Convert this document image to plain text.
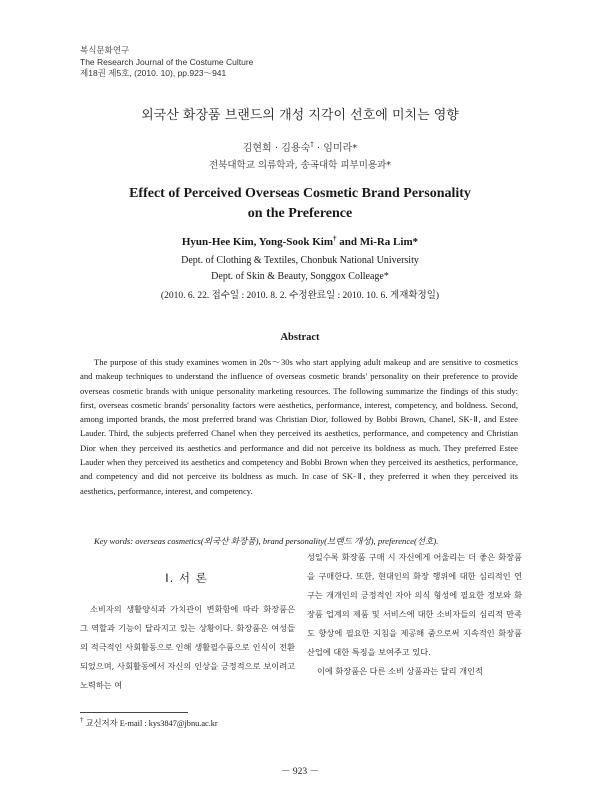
복식문화연구
The Research Journal of the Costume Culture
제18권 제5호, (2010. 10), pp.923～941
외국산 화장품 브랜드의 개성 지각이 선호에 미치는 영향
김현희 · 김용숙† · 임미라*
전북대학교 의류학과, 송곡대학 피부미용과*
Effect of Perceived Overseas Cosmetic Brand Personality
on the Preference
Hyun-Hee Kim, Yong-Sook Kim† and Mi-Ra Lim*
Dept. of Clothing & Textiles, Chonbuk National University
Dept. of Skin & Beauty, Songgox Colleage*
(2010. 6. 22. 접수일 : 2010. 8. 2. 수정완료일 : 2010. 10. 6. 게재확정일)
Abstract
The purpose of this study examines women in 20s～30s who start applying adult makeup and are sensitive to cosmetics and makeup techniques to understand the influence of overseas cosmetic brands' personality on their preference to provide overseas cosmetic brands with unique personality marketing resources. The following summarize the findings of this study: first, overseas cosmetic brands' personality factors were aesthetics, performance, interest, competency, and boldness. Second, among imported brands, the most preferred brand was Christian Dior, followed by Bobbi Brown, Chanel, SK-Ⅱ, and Estee Lauder. Third, the subjects preferred Chanel when they perceived its aesthetics, performance, and competency and Christian Dior when they perceived its aesthetics and performance and did not perceive its boldness as much. They preferred Estee Lauder when they perceived its aesthetics and competency and Bobbi Brown when they perceived its aesthetics, performance, and competency and did not perceive its boldness as much. In case of SK-Ⅱ, they preferred it when they perceived its aesthetics, performance, interest, and competency.
Key words: overseas cosmetics(외국산 화장품), brand personality(브랜드 개성), preference(선호).
Ⅰ. 서 론
소비자의 생활양식과 가치관이 변화함에 따라 화장품은 그 역할과 기능이 달라지고 있는 상황이다. 화장품은 여성들의 적극적인 사회활동으로 인해 생활필수품으로 인식이 전환되었으며, 사회활동에서 자신의 인상을 긍정적으로 보이려고 노력하는 여

성일수록 화장품 구매 시 자신에게 어울리는 더 좋은 화장품을 구매한다. 또한, 현대인의 화장 행위에 대한 심리적인 연구는 개개인의 긍정적인 자아 의식 형성에 필요한 정보와 화장품 업계의 제품 및 서비스에 대한 소비자들의 심리적 만족도 향상에 필요한 지침을 제공해 줌으로써 지속적인 화장품 산업에 대한 특징을 보여주고 있다.

이에 화장품은 다른 소비 상품과는 달리 개인적

† 교신저자 E-mail : kys3847@jbnu.ac.kr
－ 923 －
